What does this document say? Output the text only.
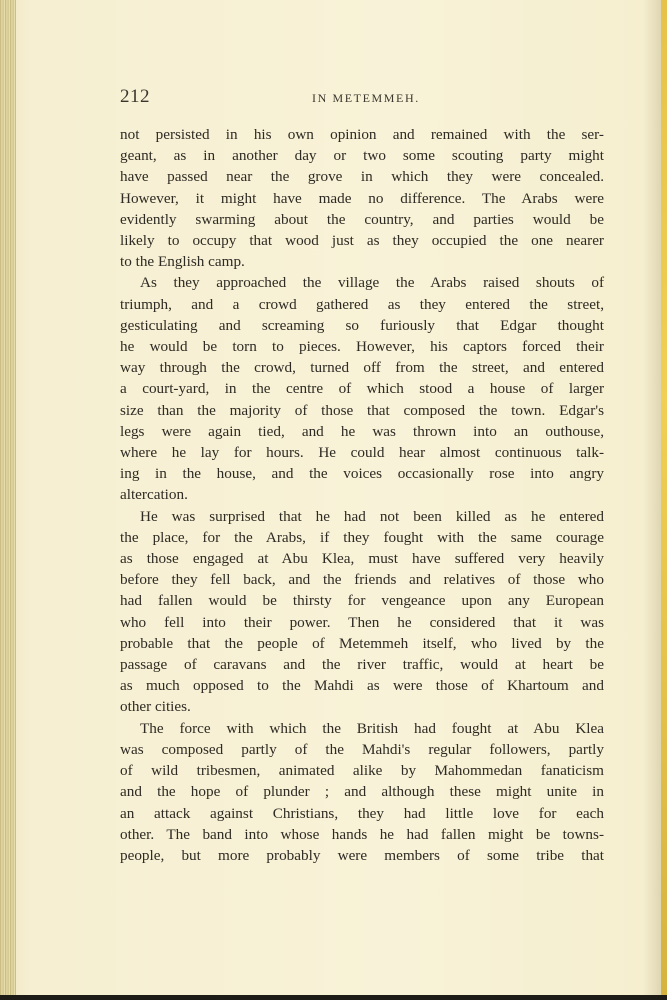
212	IN METEMMEH.

not persisted in his own opinion and remained with the ser-

geant, as in another day or two some scouting party might

have passed near the grove in which they were concealed.

However, it might have made no difference. The Arabs were

evidently swarming about the country, and parties would be

likely to occupy that wood just as they occupied the one nearer

to the English camp.

As they approached the village the Arabs raised shouts of

triumph, and a crowd gathered as they entered the street,

gesticulating and screaming so furiously that Edgar thought

he would be torn to pieces. However, his captors forced their

way through the crowd, turned off from the street, and entered

a court-yard, in the centre of which stood a house of larger

size than the majority of those that composed the town. Edgar's

legs were again tied, and he was thrown into an outhouse,

where he lay for hours. He could hear almost continuous talk-

ing in the house, and the voices occasionally rose into angry

altercation.

He was surprised that he had not been killed as he entered

the place, for the Arabs, if they fought with the same courage

as those engaged at Abu Klea, must have suffered very heavily

before they fell back, and the friends and relatives of those who

had fallen would be thirsty for vengeance upon any European

who fell into their power. Then he considered that it was

probable that the people of Metemmeh itself, who lived by the

passage of caravans and the river traffic, would at heart be

as much opposed to the Mahdi as were those of Khartoum and

other cities.

The force with which the British had fought at Abu Klea

was composed partly of the Mahdi's regular followers, partly

of wild tribesmen, animated alike by Mahommedan fanaticism

and the hope of plunder ; and although these might unite in

an attack against Christians, they had little love for each

other. The band into whose hands he had fallen might be towns-

people, but more probably were members of some tribe that
